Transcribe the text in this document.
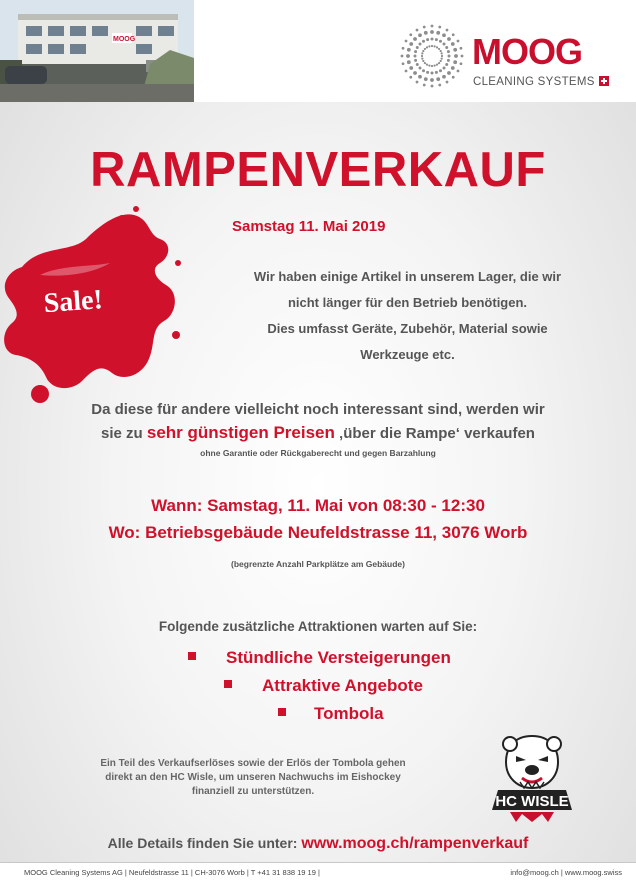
MOOG	MOOG
CLEANING SYSTEMS
RAMPENVERKAUF
Samstag 11. Mai 2019
Sale!
Wir haben einige Artikel in unserem Lager, die wir
nicht länger für den Betrieb benötigen.
Dies umfasst Geräte, Zubehör, Material sowie
Werkzeuge etc.
Da diese für andere vielleicht noch interessant sind, werden wir
sie zu sehr günstigen Preisen ‚über die Rampe‘ verkaufen
ohne Garantie oder Rückgaberecht und gegen Barzahlung
Wann: Samstag, 11. Mai von 08:30 - 12:30
Wo: Betriebsgebäude Neufeldstrasse 11, 3076 Worb
(begrenzte Anzahl Parkplätze am Gebäude)
Folgende zusätzliche Attraktionen warten auf Sie:
Stündliche Versteigerungen
Attraktive Angebote
Tombola
Ein Teil des Verkaufserlöses sowie der Erlös der Tombola gehen
direkt an den HC Wisle, um unseren Nachwuchs im Eishockey
finanziell zu unterstützen.
HC WISLE
Alle Details finden Sie unter: www.moog.ch/rampenverkauf
MOOG Cleaning Systems AG | Neufeldstrasse 11 | CH-3076 Worb | T +41 31 838 19 19 |	info@moog.ch | www.moog.swiss
